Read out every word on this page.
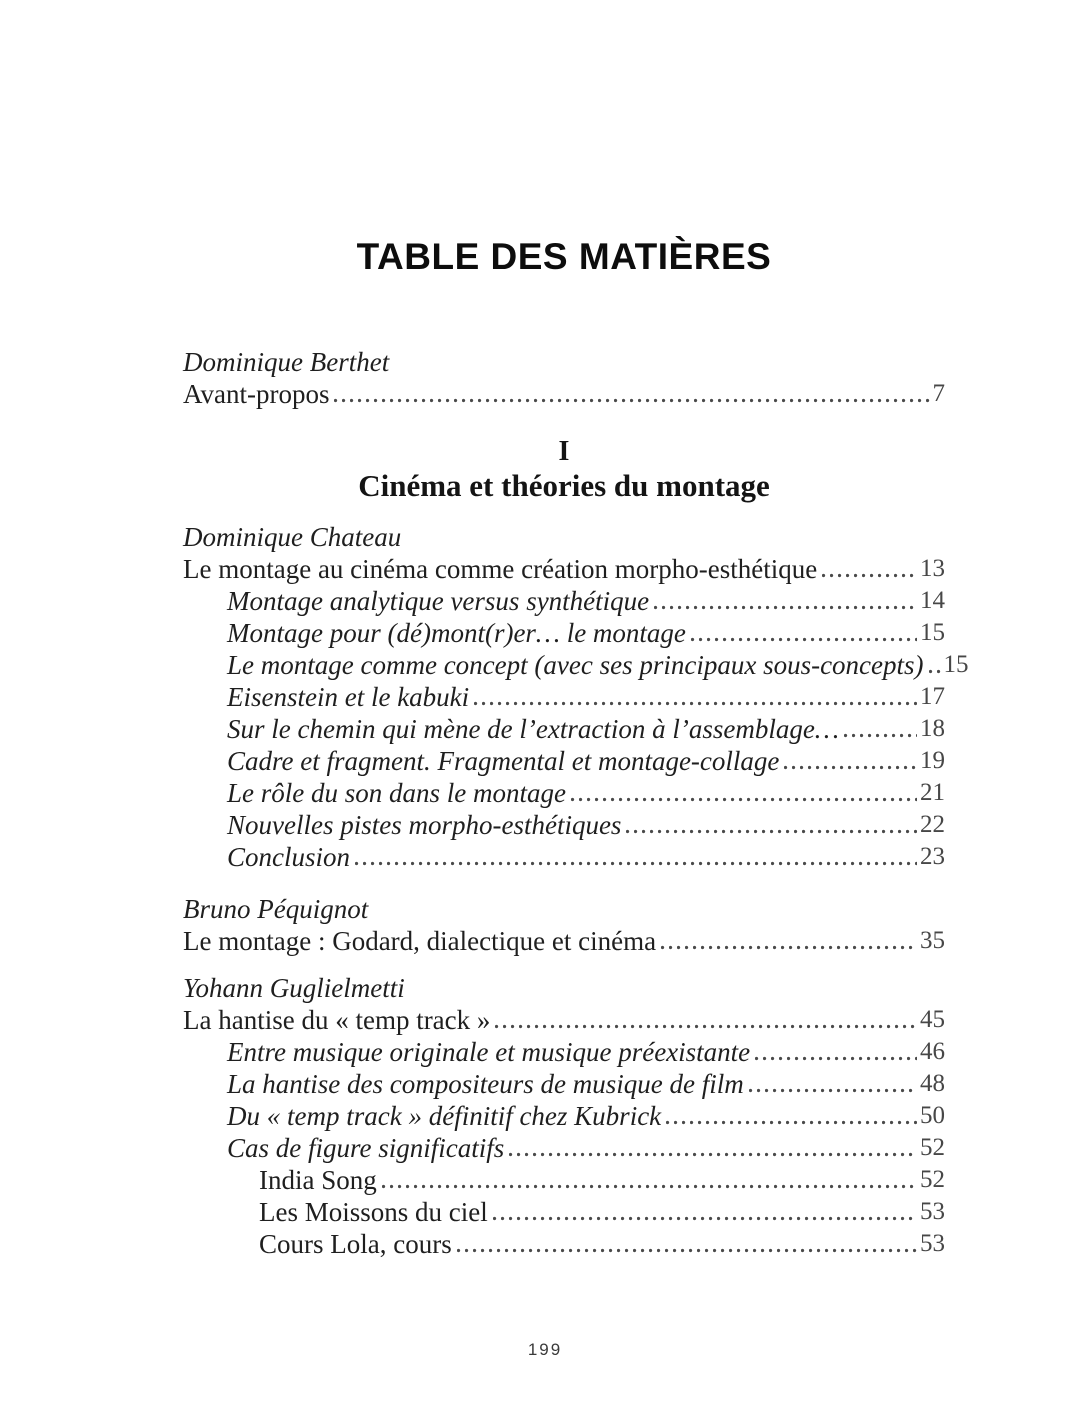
TABLE DES MATIÈRES
Dominique Berthet
Avant-propos	7
I
Cinéma et théories du montage
Dominique Chateau
Le montage au cinéma comme création morpho-esthétique	13
Montage analytique versus synthétique	14
Montage pour (dé)mont(r)er… le montage	15
Le montage comme concept (avec ses principaux sous-concepts) 15
Eisenstein et le kabuki	17
Sur le chemin qui mène de l’extraction à l’assemblage…	18
Cadre et fragment. Fragmental et montage-collage	19
Le rôle du son dans le montage	21
Nouvelles pistes morpho-esthétiques	22
Conclusion	23
Bruno Péquignot
Le montage : Godard, dialectique et cinéma	35
Yohann Guglielmetti
La hantise du « temp track »	45
Entre musique originale et musique préexistante	46
La hantise des compositeurs de musique de film	48
Du « temp track » définitif chez Kubrick	50
Cas de figure significatifs	52
India Song	52
Les Moissons du ciel	53
Cours Lola, cours	53
199
